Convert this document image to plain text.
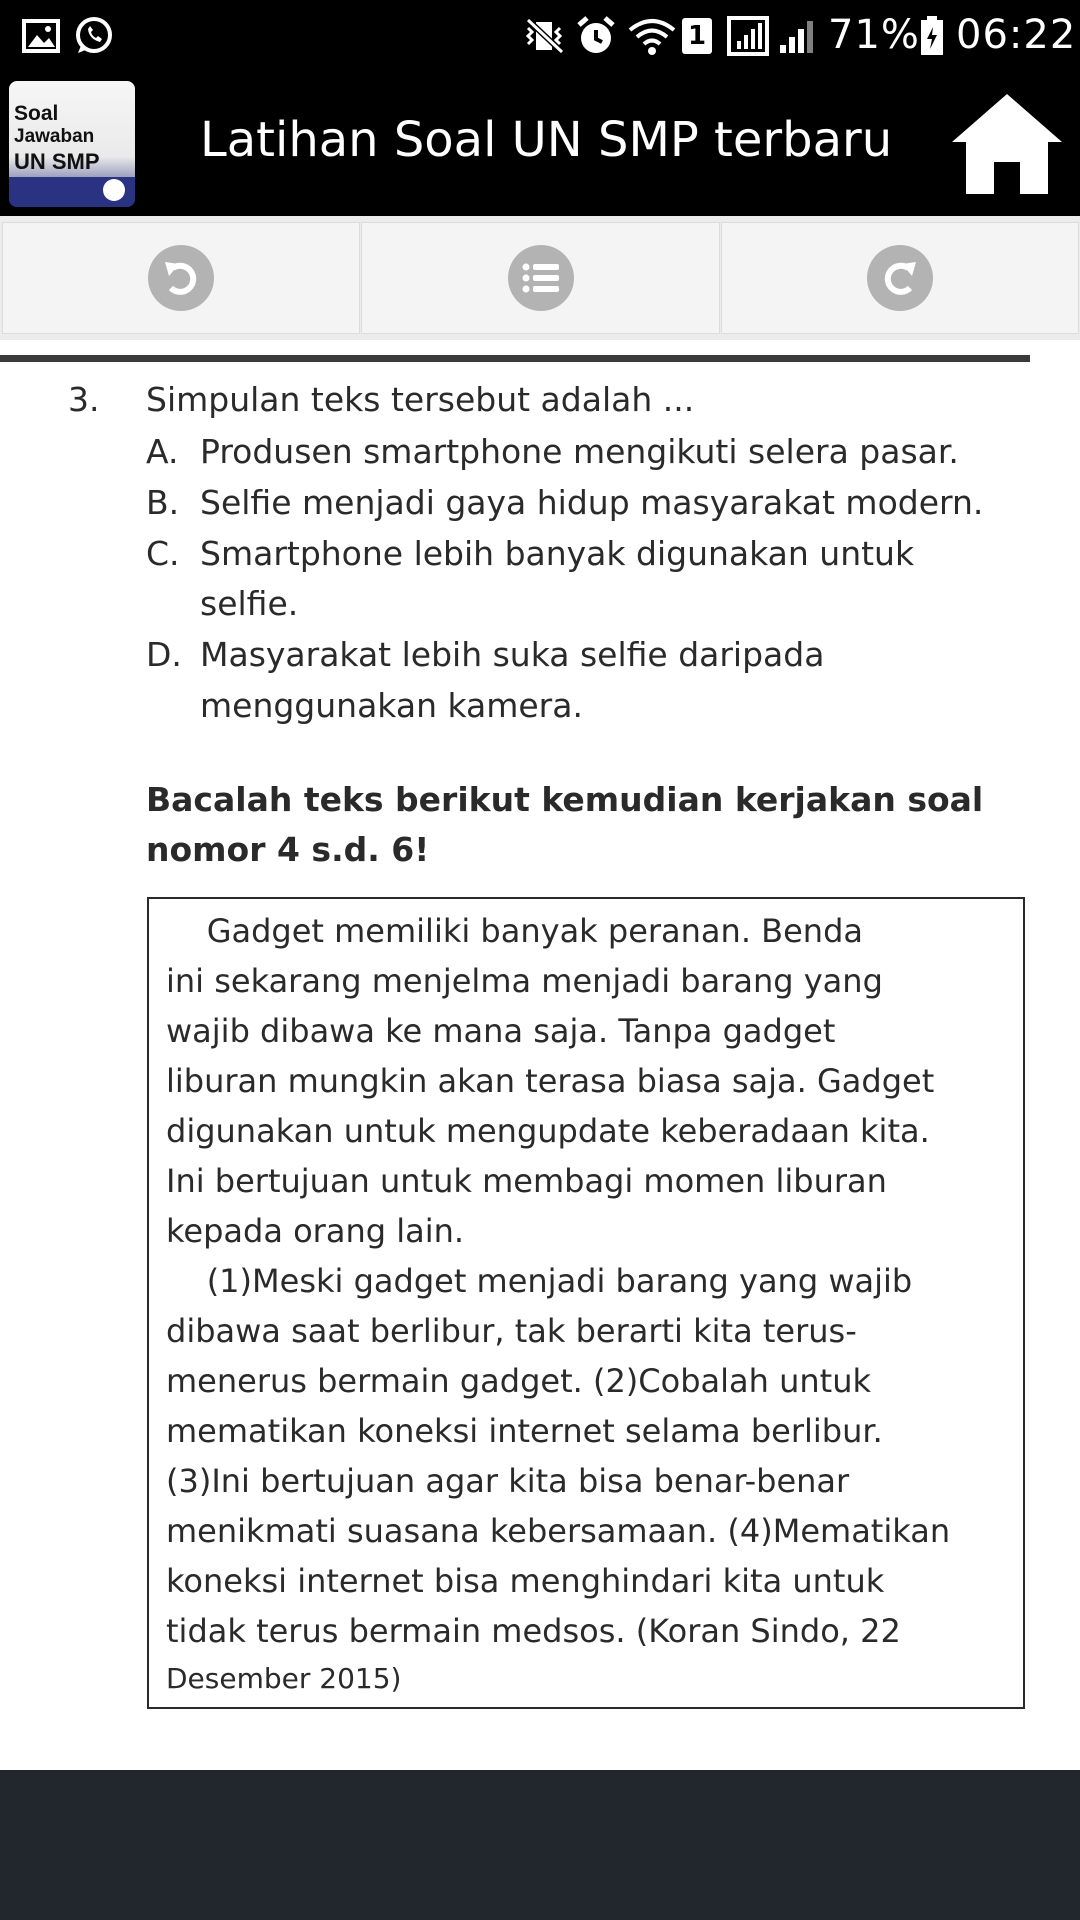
1	71% 06:22
Soal
Jawaban
UN SMP Latihan Soal UN SMP terbaru
3. Simpulan teks tersebut adalah ...
A. Produsen smartphone mengikuti selera pasar.
B. Selfie menjadi gaya hidup masyarakat modern.
C. Smartphone lebih banyak digunakan untuk
selfie.
D. Masyarakat lebih suka selfie daripada
menggunakan kamera.
Bacalah teks berikut kemudian kerjakan soal
nomor 4 s.d. 6!
Gadget memiliki banyak peranan. Benda
ini sekarang menjelma menjadi barang yang
wajib dibawa ke mana saja. Tanpa gadget
liburan mungkin akan terasa biasa saja. Gadget
digunakan untuk mengupdate keberadaan kita.
Ini bertujuan untuk membagi momen liburan
kepada orang lain.
(1)Meski gadget menjadi barang yang wajib
dibawa saat berlibur, tak berarti kita terus-
menerus bermain gadget. (2)Cobalah untuk
mematikan koneksi internet selama berlibur.
(3)Ini bertujuan agar kita bisa benar-benar
menikmati suasana kebersamaan. (4)Mematikan
koneksi internet bisa menghindari kita untuk
tidak terus bermain medsos. (Koran Sindo, 22
Desember 2015)
